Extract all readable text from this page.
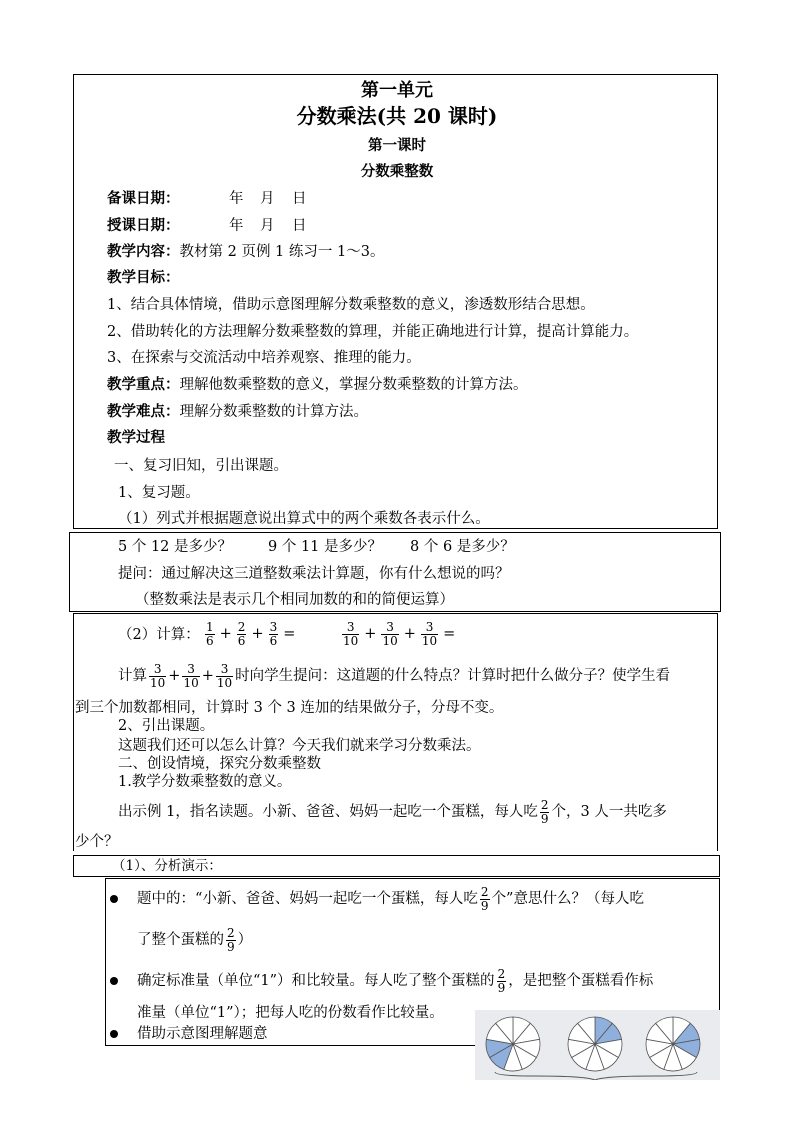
第一单元
分数乘法(共 20 课时)
第一课时
分数乘整数
备课日期：	年 月 日
授课日期：	年 月 日
教学内容：教材第 2 页例 1 练习一 1～3。
教学目标：
1、结合具体情境，借助示意图理解分数乘整数的意义，渗透数形结合思想。
2、借助转化的方法理解分数乘整数的算理，并能正确地进行计算，提高计算能力。
3、在探索与交流活动中培养观察、推理的能力。
教学重点：理解他数乘整数的意义，掌握分数乘整数的计算方法。
教学难点：理解分数乘整数的计算方法。
教学过程
一、复习旧知，引出课题。
1、复习题。
（1）列式并根据题意说出算式中的两个乘数各表示什么。
5 个 12 是多少？ 9 个 11 是多少？ 8 个 6 是多少？
提问：通过解决这三道整数乘法计算题，你有什么想说的吗？
（整数乘法是表示几个相同加数的和的简便运算）
（2）计算： $\frac{1}{6} + \frac{2}{6} + \frac{3}{6}$ =	$\frac{3}{10} + \frac{3}{10} + \frac{3}{10}$ =
计算 $\frac{3}{10} + \frac{3}{10} + \frac{3}{10}$ 时向学生提问：这道题的什么特点？计算时把什么做分子？使学生看
到三个加数都相同，计算时 3 个 3 连加的结果做分子，分母不变。
2、引出课题。
这题我们还可以怎么计算？今天我们就来学习分数乘法。
二、创设情境，探究分数乘整数
1.教学分数乘整数的意义。
出示例 1，指名读题。小新、爸爸、妈妈一起吃一个蛋糕，每人吃 $\frac{2}{9}$ 个，3 人一共吃多
少个？
（1）、分析演示：
题中的：“小新、爸爸、妈妈一起吃一个蛋糕，每人吃 $\frac{2}{9}$ 个”意思什么？（每人吃
了整个蛋糕的 $\frac{2}{9}$ ）
确定标准量（单位“1”）和比较量。每人吃了整个蛋糕的 $\frac{2}{9}$ ，是把整个蛋糕看作标
准量（单位“1”）；把每人吃的份数看作比较量。
借助示意图理解题意
